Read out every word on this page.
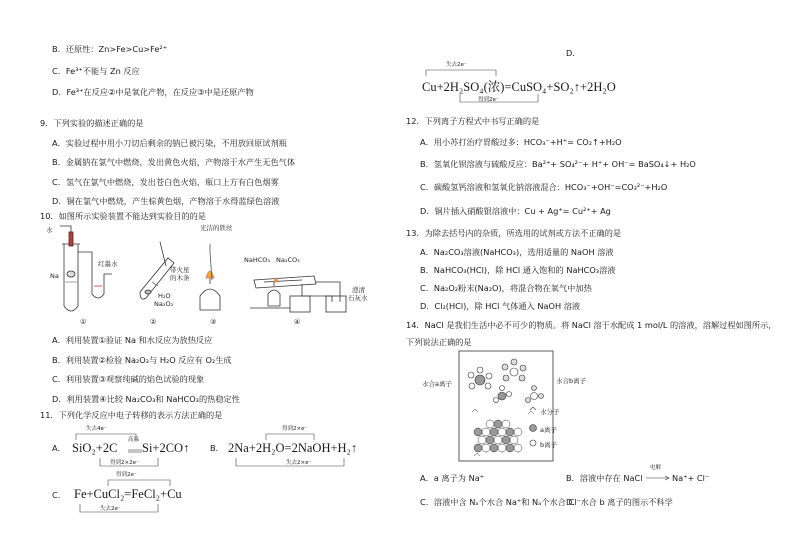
B．还原性：Zn>Fe>Cu>Fe²⁺
C．Fe³⁺不能与 Zn 反应
D．Fe³⁺在反应②中是氧化产物，在反应③中是还原产物
9．下列实验的描述正确的是
A．实验过程中用小刀切后剩余的钠已被污染，不用放回原试剂瓶
B．金属钠在氯气中燃烧，发出黄色火焰，产物溶于水产生无色气体
C．氢气在氯气中燃烧，发出苍白色火焰，瓶口上方有白色烟雾
D．铜在氯气中燃烧，产生棕黄色烟，产物溶于水得蓝绿色溶液
10．如图所示实验装置不能达到实验目的的是
水
Na
红墨水
带火星
的木条
H₂O
Na₂O₂
光洁的铁丝
NaHCO₃ Na₂CO₃
澄清
石灰水
①	②	③	④
A．利用装置①验证 Na 和水反应为放热反应
B．利用装置②检验 Na₂O₂与 H₂O 反应有 O₂生成
C．利用装置③观察纯碱的焰色试验的现象
D．利用装置④比较 Na₂CO₃和 NaHCO₃的热稳定性
11．下列化学反应中电子转移的表示方法正确的是
A．
失去4e⁻
SiO₂+2C
高温
Si+2CO↑
得到2×2e⁻
B．
得到2×e⁻
2Na+2H₂O=2NaOH+H₂↑
失去2×e⁻
C．
得到2e⁻
Fe+CuCl₂=FeCl₂+Cu
失去2e⁻
D．
失去2e⁻
Cu+2H₂SO₄(浓)=CuSO₄+SO₂↑+2H₂O
得到2e⁻
12．下列离子方程式中书写正确的是
A．用小苏打治疗胃酸过多：HCO₃⁻+H⁺= CO₂↑+H₂O
B．氢氧化钡溶液与硫酸反应：Ba²⁺+ SO₄²⁻+ H⁺+ OH⁻= BaSO₄↓+ H₂O
C．碳酸氢钙溶液和氢氧化钠溶液混合：HCO₃⁻+OH⁻=CO₃²⁻+H₂O
D．铜片插入硝酸银溶液中：Cu + Ag⁺= Cu²⁺+ Ag
13．为除去括号内的杂质，所选用的试剂或方法不正确的是
A．Na₂CO₃溶液(NaHCO₃)，选用适量的 NaOH 溶液
B．NaHCO₃(HCl)，除 HCl 通入饱和的 NaHCO₃溶液
C．Na₂O₂粉末(Na₂O)，将混合物在氧气中加热
D．Cl₂(HCl)，除 HCl 气体通入 NaOH 溶液
14．NaCl 是我们生活中必不可少的物质。将 NaCl 溶于水配成 1 mol/L 的溶液，溶解过程如图所示，
下列说法正确的是
水合a离子	水合b离子
水分子
a离子
b离子
A．a 离子为 Na⁺	B．溶液中存在 NaCl
电解
Na⁺+ Cl⁻
C．溶液中含 Nₐ个水合 Na⁺和 Nₐ个水合 Cl⁻
D．水合 b 离子的图示不科学
